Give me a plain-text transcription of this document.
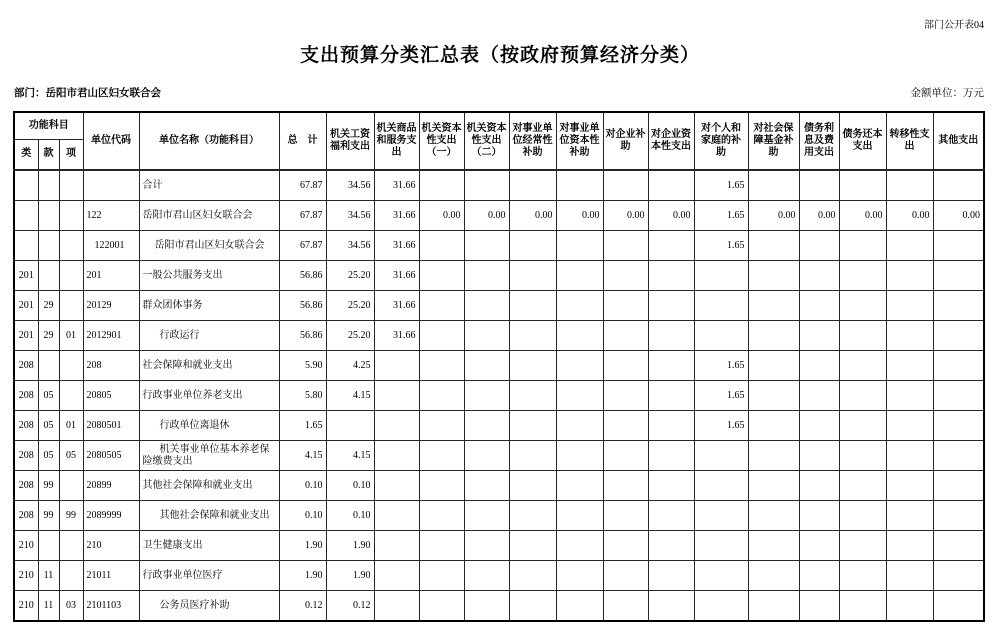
部门公开表04
支出预算分类汇总表（按政府预算经济分类）
部门：岳阳市君山区妇女联合会	金额单位：万元
功能科目			单位代码	单位名称（功能科目）	总　计	机关工资福利支出	机关商品和服务支出	机关资本性支出（一）	机关资本性支出（二）	对事业单位经常性补助	对事业单位资本性补助	对企业补助	对企业资本性支出	对个人和家庭的补助	对社会保障基金补助	债务利息及费用支出	债务还本支出	转移性支出	其他支出
类	款	项																	
				合计	67.87	34.56	31.66							1.65					
			122	岳阳市君山区妇女联合会	67.87	34.56	31.66	0.00	0.00	0.00	0.00	0.00	0.00	1.65	0.00	0.00	0.00	0.00	0.00
			122001	岳阳市君山区妇女联合会	67.87	34.56	31.66							1.65					
201			201	一般公共服务支出	56.86	25.20	31.66												
201	29		20129	群众团体事务	56.86	25.20	31.66												
201	29	01	2012901	行政运行	56.86	25.20	31.66												
208			208	社会保障和就业支出	5.90	4.25								1.65					
208	05		20805	行政事业单位养老支出	5.80	4.15								1.65					
208	05	01	2080501	行政单位离退休	1.65									1.65					
208	05	05	2080505	机关事业单位基本养老保险缴费支出	4.15	4.15													
208	99		20899	其他社会保障和就业支出	0.10	0.10													
208	99	99	2089999	其他社会保障和就业支出	0.10	0.10													
210			210	卫生健康支出	1.90	1.90													
210	11		21011	行政事业单位医疗	1.90	1.90													
210	11	03	2101103	公务员医疗补助	0.12	0.12													
